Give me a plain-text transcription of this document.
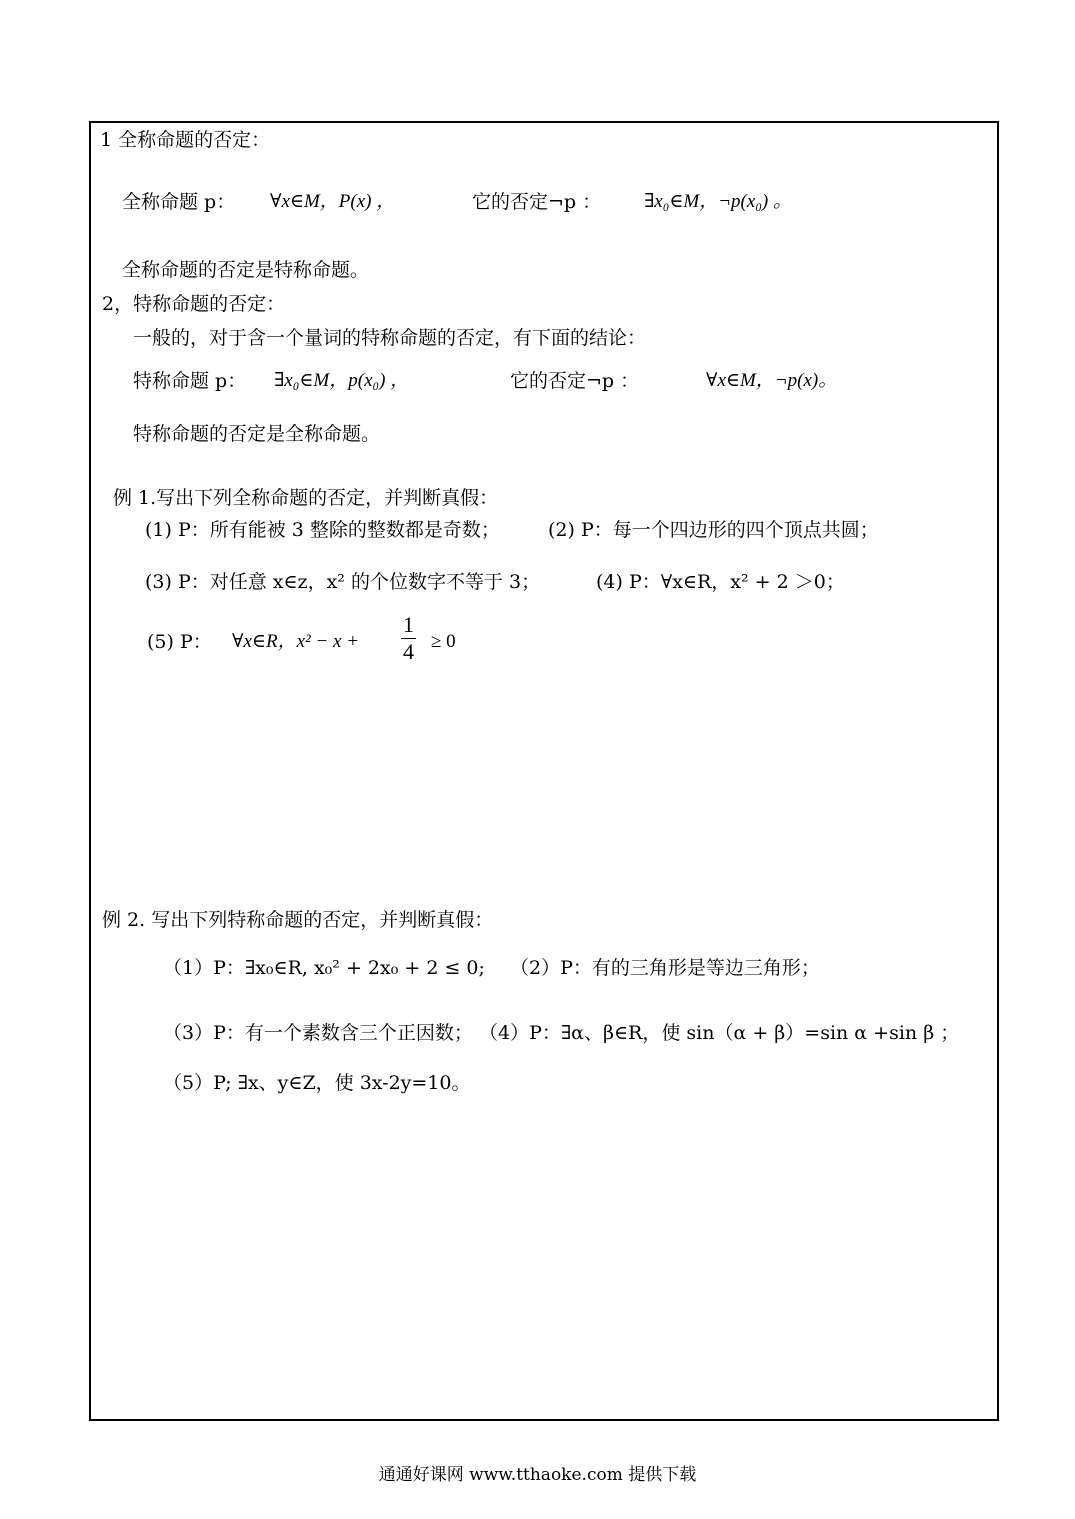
1 全称命题的否定：
全称命题 p： ∀x∈M，P(x) ，	它的否定¬p ： ∃x₀∈M，¬p(x₀) 。
全称命题的否定是特称命题。
2，特称命题的否定：
一般的，对于含一个量词的特称命题的否定，有下面的结论：
特称命题 p： ∃x₀∈M，p(x₀) ，	它的否定¬p ：	∀x∈M，¬p(x)。
特称命题的否定是全称命题。
例 1.写出下列全称命题的否定，并判断真假：
(1) P：所有能被 3 整除的整数都是奇数；	(2) P：每一个四边形的四个顶点共圆；
(3) P：对任意 x∈z，x² 的个位数字不等于 3；	(4) P：∀x∈R，x² + 2 ＞0；
(5) P： ∀x∈R，$x^2 - x + \frac{1}{4} \ge 0$
例 2. 写出下列特称命题的否定，并判断真假：
（1）P：∃x₀∈R, x₀² + 2x₀ + 2 ≤ 0; （2）P：有的三角形是等边三角形；
（3）P：有一个素数含三个正因数； （4）P：∃α、β∈R，使 sin（α + β）=sin α +sin β ；
（5）P; ∃x、y∈Z，使 3x-2y=10。
通通好课网 www.tthaoke.com 提供下载
